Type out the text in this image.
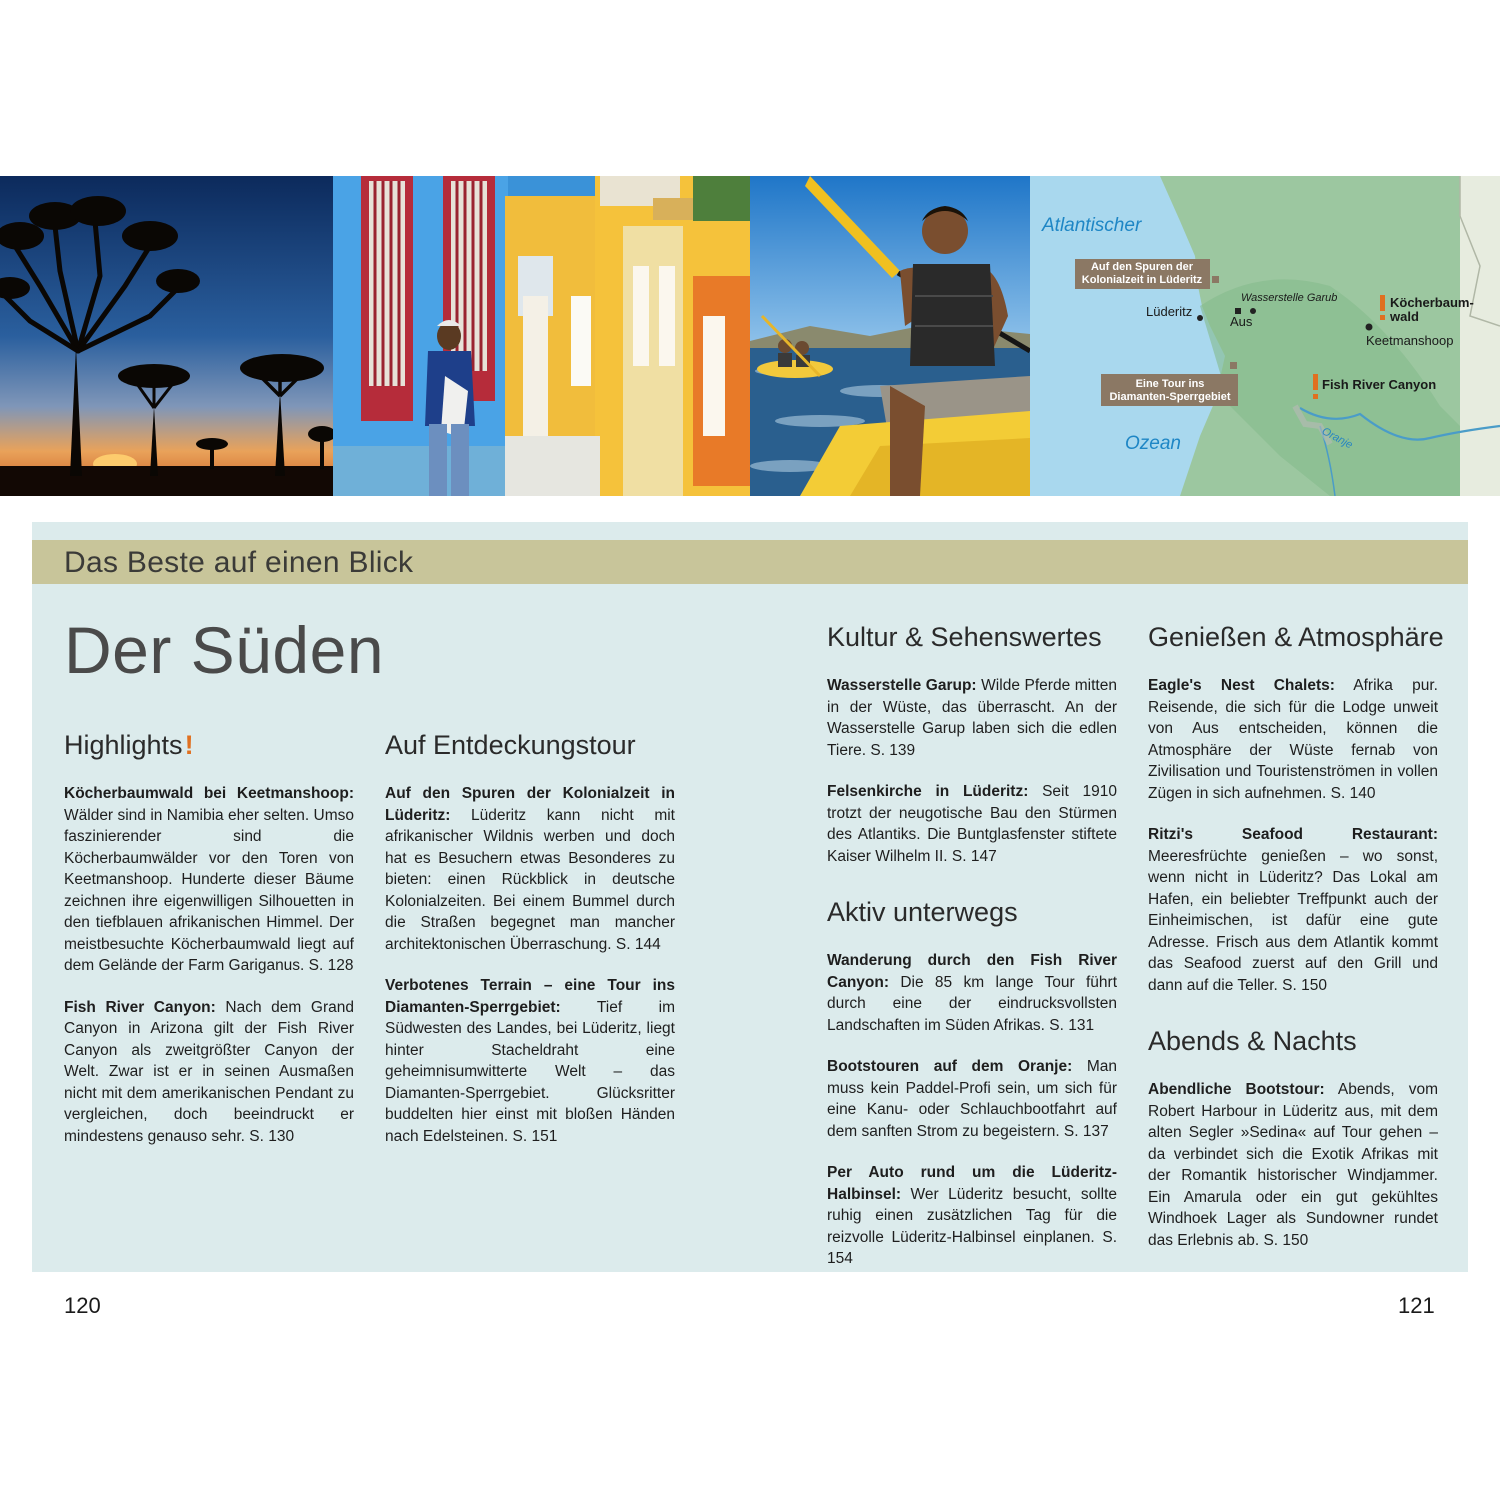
Atlantischer
Ozean
Auf den Spuren der
Kolonialzeit in Lüderitz
Eine Tour ins
Diamanten-Sperrgebiet
Lüderitz
Aus
Wasserstelle Garub
Keetmanshoop
Köcherbaum-
wald
Fish River Canyon
Oranje
Das Beste auf einen Blick
Der Süden
Highlights!

Köcherbaumwald bei Keetmanshoop: Wälder sind in Namibia eher selten. Umso faszinierender sind die Köcherbaumwälder vor den Toren von Keetmanshoop. Hunderte dieser Bäume zeichnen ihre eigenwilligen Silhouetten in den tiefblauen afrikanischen Himmel. Der meistbesuchte Köcherbaumwald liegt auf dem Gelände der Farm Gariganus. S. 128

Fish River Canyon: Nach dem Grand Canyon in Arizona gilt der Fish River Canyon als zweitgrößter Canyon der Welt. Zwar ist er in seinen Ausmaßen nicht mit dem amerikanischen Pendant zu vergleichen, doch beeindruckt er mindestens genauso sehr. S. 130

Auf Entdeckungstour

Auf den Spuren der Kolonialzeit in Lüderitz: Lüderitz kann nicht mit afrikanischer Wildnis werben und doch hat es Besuchern etwas Besonderes zu bieten: einen Rückblick in deutsche Kolonialzeiten. Bei einem Bummel durch die Straßen begegnet man mancher architektonischen Überraschung. S. 144

Verbotenes Terrain – eine Tour ins Diamanten-Sperrgebiet: Tief im Südwesten des Landes, bei Lüderitz, liegt hinter Stacheldraht eine geheimnisumwitterte Welt – das Diamanten-Sperrgebiet. Glücksritter buddelten hier einst mit bloßen Händen nach Edelsteinen. S. 151

Kultur & Sehenswertes

Wasserstelle Garup: Wilde Pferde mitten in der Wüste, das überrascht. An der Wasserstelle Garup laben sich die edlen Tiere. S. 139

Felsenkirche in Lüderitz: Seit 1910 trotzt der neugotische Bau den Stürmen des Atlantiks. Die Buntglasfenster stiftete Kaiser Wilhelm II. S. 147

Aktiv unterwegs

Wanderung durch den Fish River Canyon: Die 85 km lange Tour führt durch eine der eindrucksvollsten Landschaften im Süden Afrikas. S. 131

Bootstouren auf dem Oranje: Man muss kein Paddel-Profi sein, um sich für eine Kanu- oder Schlauchbootfahrt auf dem sanften Strom zu begeistern. S. 137

Per Auto rund um die Lüderitz-Halbinsel: Wer Lüderitz besucht, sollte ruhig einen zusätzlichen Tag für die reizvolle Lüderitz-Halbinsel einplanen. S. 154

Genießen & Atmosphäre

Eagle's Nest Chalets: Afrika pur. Reisende, die sich für die Lodge unweit von Aus entscheiden, können die Atmosphäre der Wüste fernab von Zivilisation und Touristenströmen in vollen Zügen in sich aufnehmen. S. 140

Ritzi's Seafood Restaurant: Meeresfrüchte genießen – wo sonst, wenn nicht in Lüderitz? Das Lokal am Hafen, ein beliebter Treffpunkt auch der Einheimischen, ist dafür eine gute Adresse. Frisch aus dem Atlantik kommt das Seafood zuerst auf den Grill und dann auf die Teller. S. 150

Abends & Nachts

Abendliche Bootstour: Abends, vom Robert Harbour in Lüderitz aus, mit dem alten Segler »Sedina« auf Tour gehen – da verbindet sich die Exotik Afrikas mit der Romantik historischer Windjammer. Ein Amarula oder ein gut gekühltes Windhoek Lager als Sundowner rundet das Erlebnis ab. S. 150

120	121
